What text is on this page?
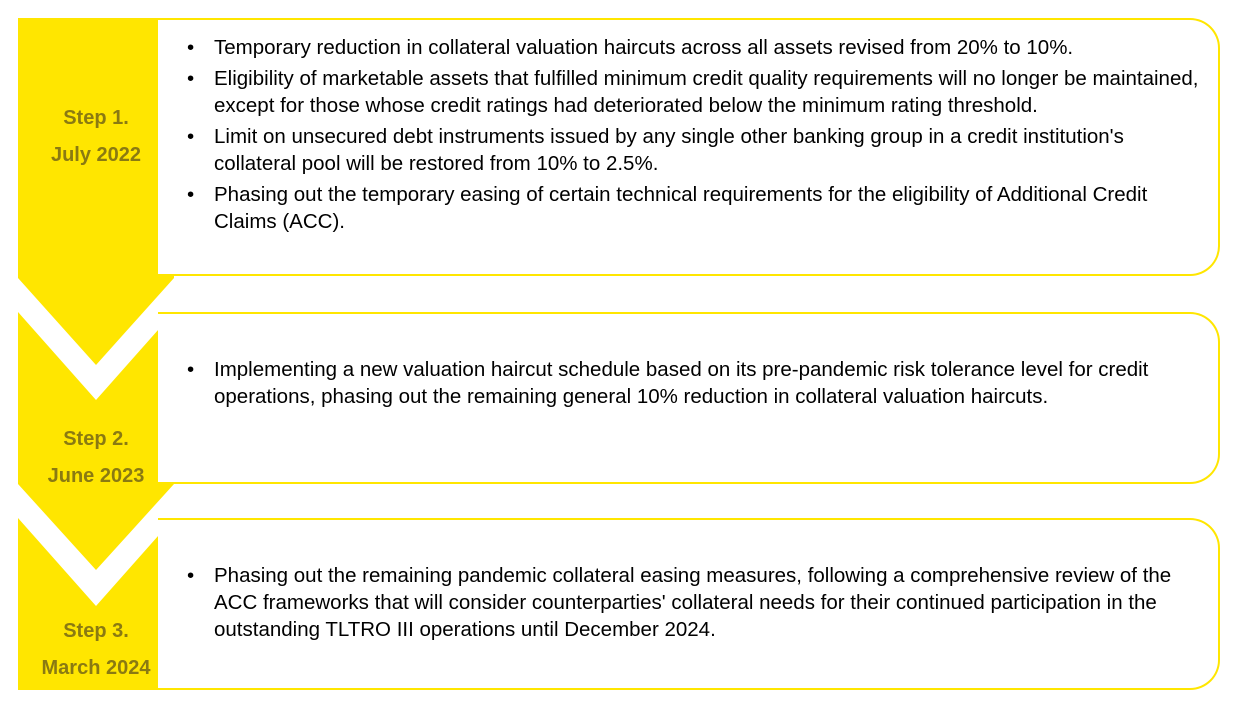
• Temporary reduction in collateral valuation haircuts across all assets revised from 20% to 10%.
• Eligibility of marketable assets that fulfilled minimum credit quality requirements will no longer be maintained, except for those whose credit ratings had deteriorated below the minimum rating threshold.
• Limit on unsecured debt instruments issued by any single other banking group in a credit institution's collateral pool will be restored from 10% to 2.5%.
• Phasing out the temporary easing of certain technical requirements for the eligibility of Additional Credit Claims (ACC).
• Implementing a new valuation haircut schedule based on its pre-pandemic risk tolerance level for credit operations, phasing out the remaining general 10% reduction in collateral valuation haircuts.
• Phasing out the remaining pandemic collateral easing measures, following a comprehensive review of the ACC frameworks that will consider counterparties' collateral needs for their continued participation in the outstanding TLTRO III operations until December 2024.
Step 1.
July 2022
Step 2.
June 2023
Step 3.
March 2024
